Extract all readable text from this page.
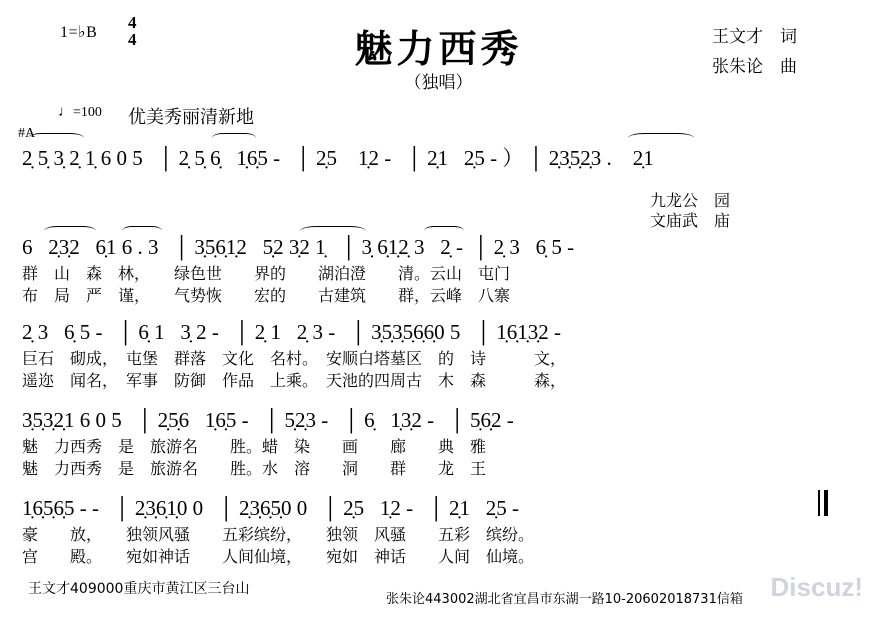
1=♭B
4
4	魅力西秀
（独唱）
王文才　词
张朱论　曲
♩=100 优美秀丽清新地
#A
2̣ 5̣ 3̣ 2̣ 1̣ 6 0 5   │ 2̣ 5̣ 6̣   1̣6̣5 -   │ 2̣5    1̣2 -   │ 2̣1   2̣5 - ） │ 2̣3̣5̣2̣3 .    2̣1
九龙公　园
文庙武　庙
6   2̣3̣2   6̣1 6 . 3   │ 3̣5̣6̣1̣2   5̣2 3̣2 1̣   │ 3̣ 6̣1̣2̣ 3   2̣ -  │ 2̣ 3   6̣ 5 -
群　山　森　林，　　绿色世　　界的　　湖泊澄　　清。云山　屯门
布　局　严　谨，　　气势恢　　宏的　　古建筑　　群，云峰　八寨
2̣ 3   6̣ 5 -   │ 6̣ 1   3̣ 2 -   │ 2̣ 1   2̣ 3 -   │ 3̣5̣3̣5̣6̣6̣0 5   │ 1̣6̣1̣3̣2 -
巨石　砌成，　屯堡　群落　文化　名村。　安顺白塔墓区　的　诗　　　文，
遥迩　闻名，　军事　防御　作品　上乘。　天池的四周古　木　森　　　森，
3̣5̣3̣2̣1 6 0 5   │ 2̣5̣6   1̣6̣5 -   │ 5̣2̣3 -   │ 6̣   1̣3̣2 -   │ 5̣6̣2 -
魅　力西秀　是　旅游名　　胜。蜡　染　　画　　廊　　典　雅
魅　力西秀　是　旅游名　　胜。水　溶　　洞　　群　　龙　王
1̣6̣5̣6̣5 - -   │ 2̣3̣6̣1̣0 0   │ 2̣3̣6̣5̣0 0   │ 2̣5   1̣2 -   │ 2̣1   2̣5 -
豪　　放，　　独领风骚　　五彩缤纷，　　独领　风骚　　五彩　缤纷。
宫　　殿。　　宛如神话　　人间仙境，　　宛如　神话　　人间　仙境。
王文才409000重庆市黄江区三台山
张朱论443002湖北省宜昌市东湖一路10-20602018731信箱 Discuz!
